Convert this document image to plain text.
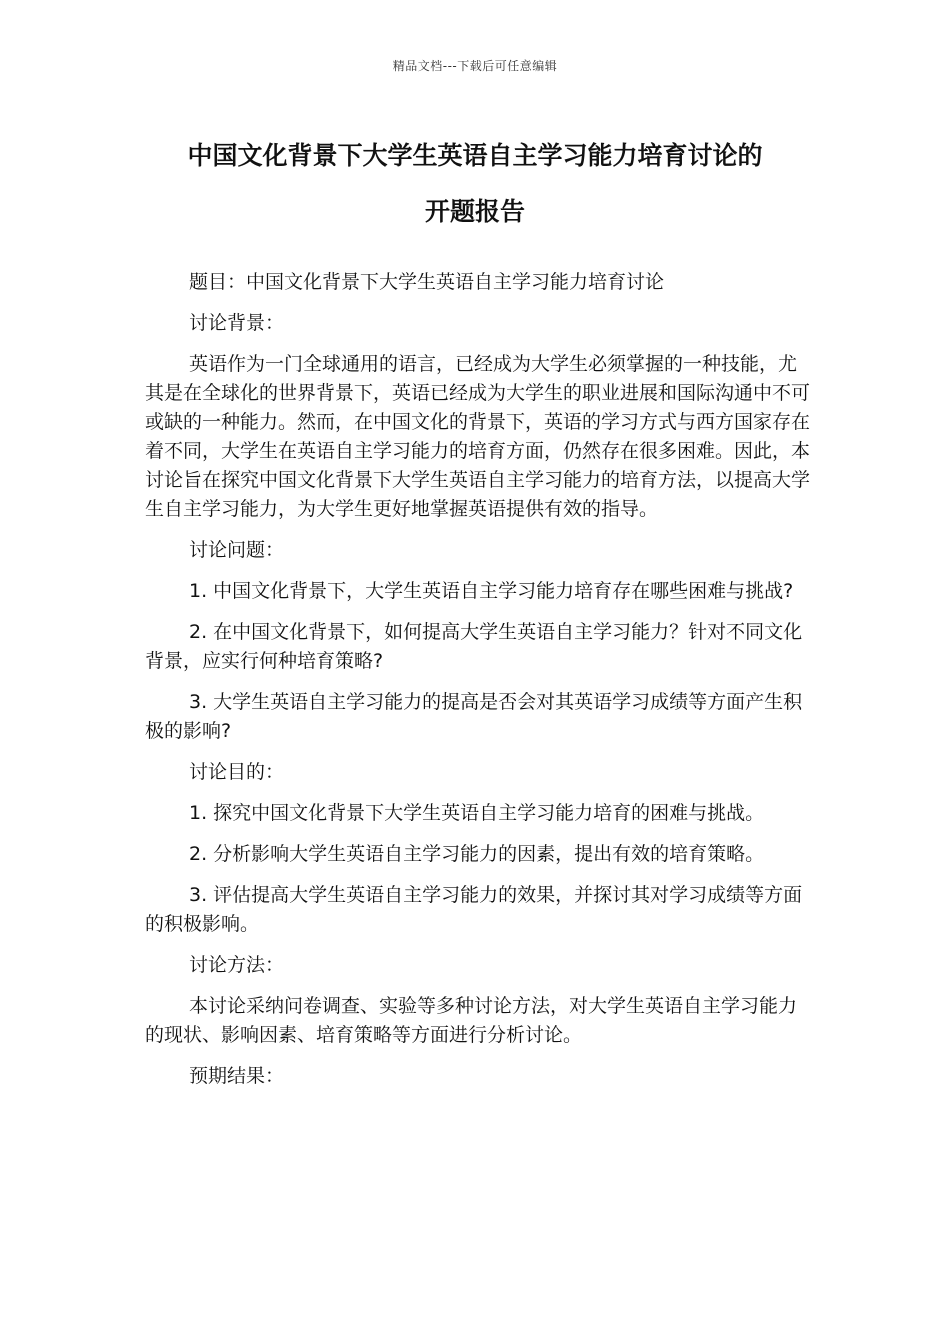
精品文档---下载后可任意编辑
中国文化背景下大学生英语自主学习能力培育讨论的
开题报告

题目：中国文化背景下大学生英语自主学习能力培育讨论

讨论背景：

英语作为一门全球通用的语言，已经成为大学生必须掌握的一种技能，尤其是在全球化的世界背景下，英语已经成为大学生的职业进展和国际沟通中不可或缺的一种能力。然而，在中国文化的背景下，英语的学习方式与西方国家存在着不同，大学生在英语自主学习能力的培育方面，仍然存在很多困难。因此，本讨论旨在探究中国文化背景下大学生英语自主学习能力的培育方法，以提高大学生自主学习能力，为大学生更好地掌握英语提供有效的指导。

讨论问题：

1. 中国文化背景下，大学生英语自主学习能力培育存在哪些困难与挑战?

2. 在中国文化背景下，如何提高大学生英语自主学习能力？针对不同文化背景，应实行何种培育策略?

3. 大学生英语自主学习能力的提高是否会对其英语学习成绩等方面产生积极的影响?

讨论目的：

1. 探究中国文化背景下大学生英语自主学习能力培育的困难与挑战。

2. 分析影响大学生英语自主学习能力的因素，提出有效的培育策略。

3. 评估提高大学生英语自主学习能力的效果，并探讨其对学习成绩等方面的积极影响。

讨论方法：

本讨论采纳问卷调查、实验等多种讨论方法，对大学生英语自主学习能力的现状、影响因素、培育策略等方面进行分析讨论。

预期结果：
